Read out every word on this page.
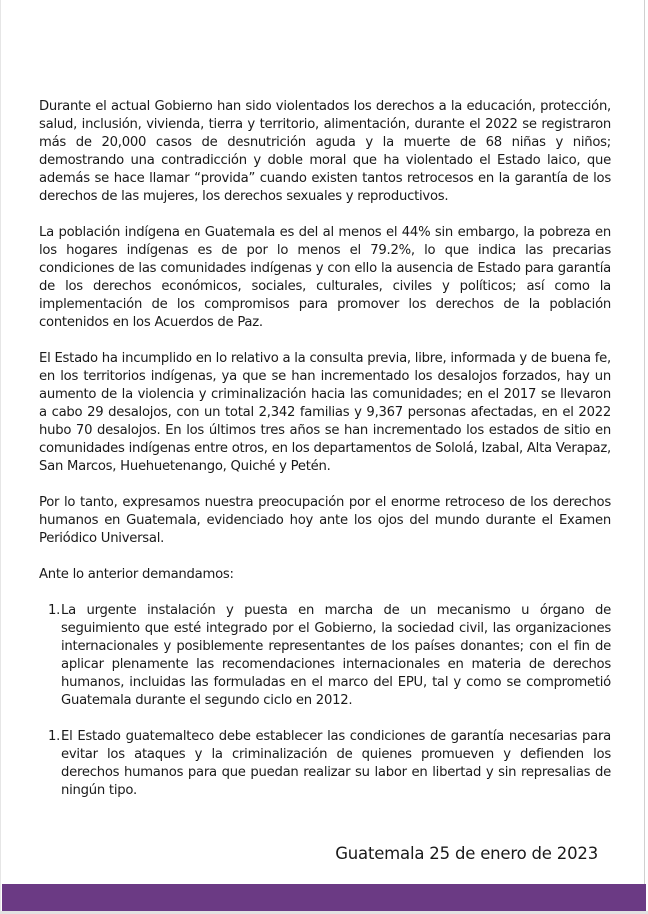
Durante el actual Gobierno han sido violentados los derechos a la educación, protección, salud, inclusión, vivienda, tierra y territorio, alimentación, durante el 2022 se registraron más de 20,000 casos de desnutrición aguda y la muerte de 68 niñas y niños; demostrando una contradicción y doble moral que ha violentado el Estado laico, que además se hace llamar “provida” cuando existen tantos retrocesos en la garantía de los derechos de las mujeres, los derechos sexuales y reproductivos.

La población indígena en Guatemala es del al menos el 44% sin embargo, la pobreza en los hogares indígenas es de por lo menos el 79.2%, lo que indica las precarias condiciones de las comunidades indígenas y con ello la ausencia de Estado para garantía de los derechos económicos, sociales, culturales, civiles y políticos; así como la implementación de los compromisos para promover los derechos de la población contenidos en los Acuerdos de Paz.

El Estado ha incumplido en lo relativo a la consulta previa, libre, informada y de buena fe, en los territorios indígenas, ya que se han incrementado los desalojos forzados, hay un aumento de la violencia y criminalización hacia las comunidades; en el 2017 se llevaron a cabo 29 desalojos, con un total 2,342 familias y 9,367 personas afectadas, en el 2022 hubo 70 desalojos. En los últimos tres años se han incrementado los estados de sitio en comunidades indígenas entre otros, en los departamentos de Sololá, Izabal, Alta Verapaz, San Marcos, Huehuetenango, Quiché y Petén.

Por lo tanto, expresamos nuestra preocupación por el enorme retroceso de los derechos humanos en Guatemala, evidenciado hoy ante los ojos del mundo durante el Examen Periódico Universal.

Ante lo anterior demandamos:

1. La urgente instalación y puesta en marcha de un mecanismo u órgano de seguimiento que esté integrado por el Gobierno, la sociedad civil, las organizaciones internacionales y posiblemente representantes de los países donantes; con el fin de aplicar plenamente las recomendaciones internacionales en materia de derechos humanos, incluidas las formuladas en el marco del EPU, tal y como se comprometió Guatemala durante el segundo ciclo en 2012.
1. El Estado guatemalteco debe establecer las condiciones de garantía necesarias para evitar los ataques y la criminalización de quienes promueven y defienden los derechos humanos para que puedan realizar su labor en libertad y sin represalias de ningún tipo.
Guatemala 25 de enero de 2023
